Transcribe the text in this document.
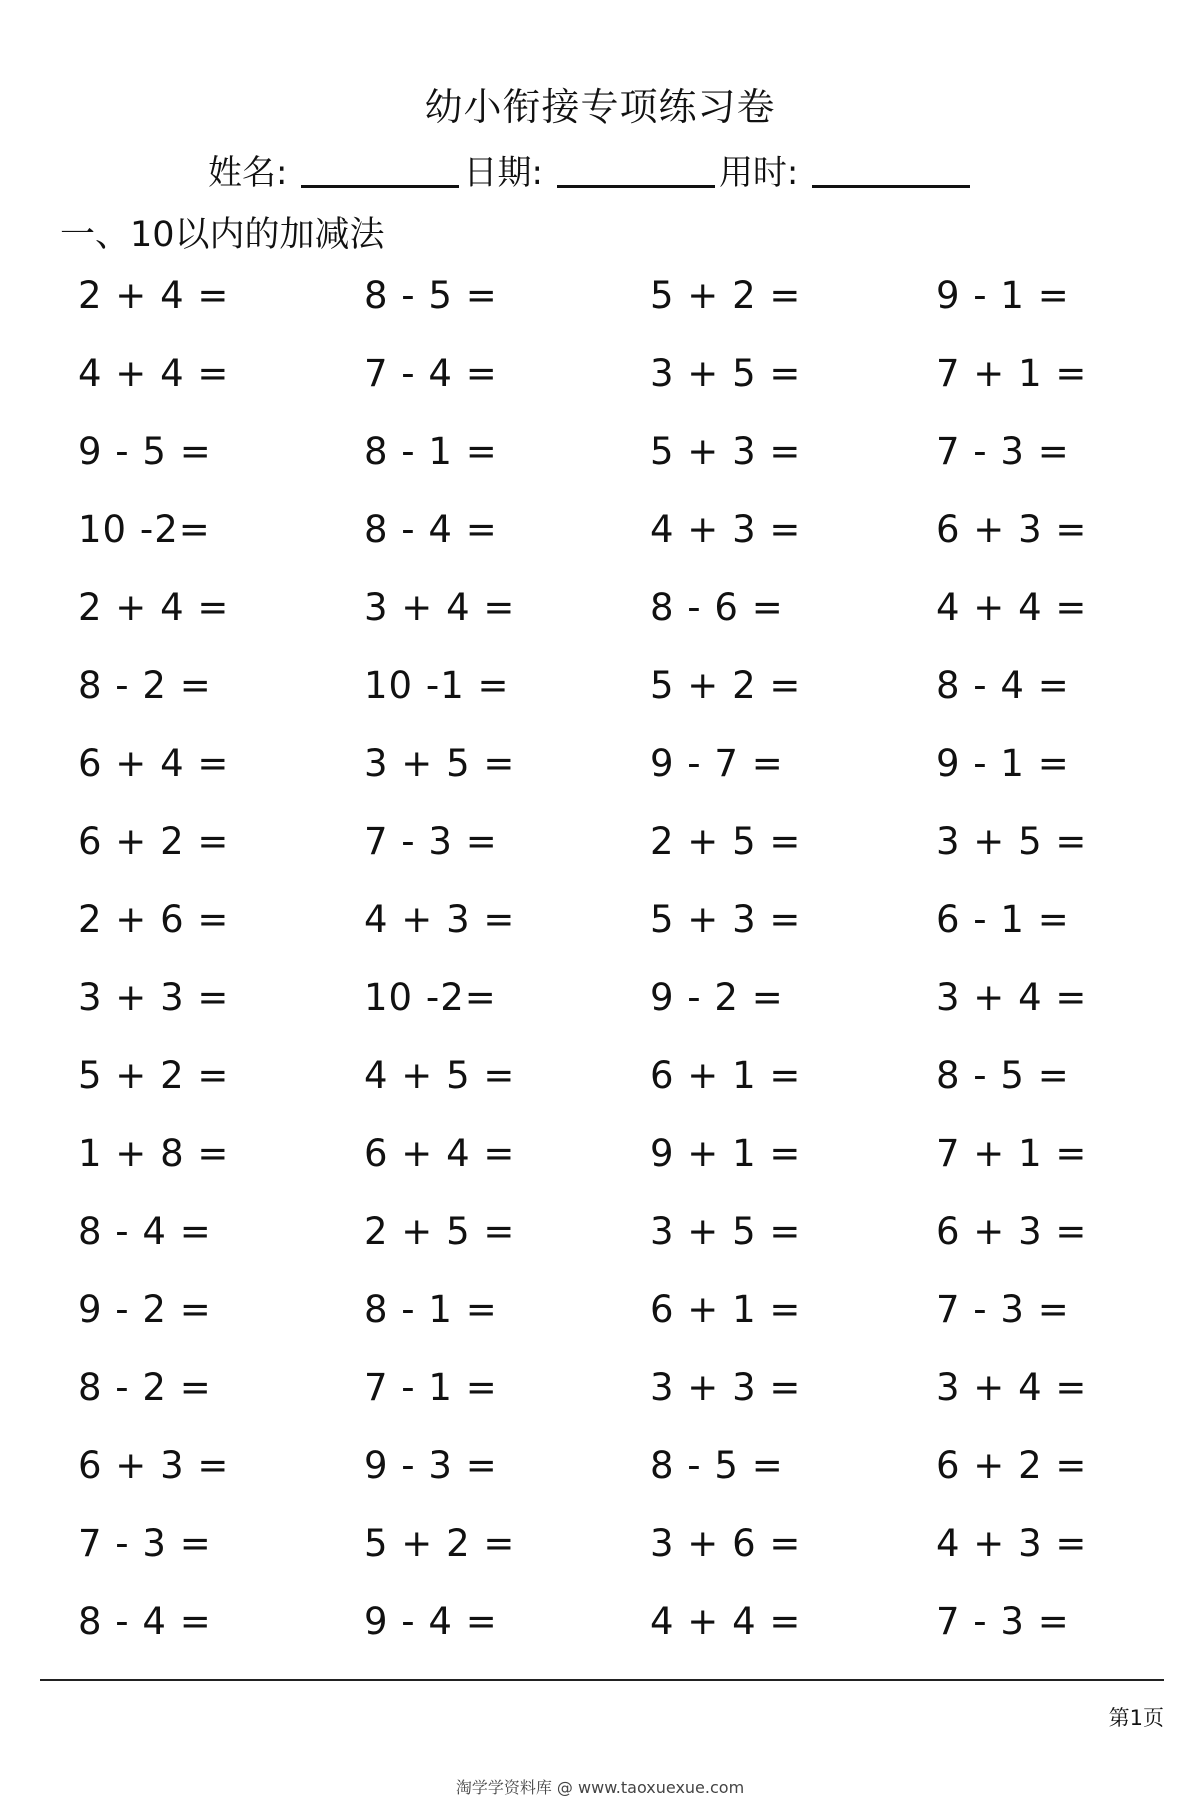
幼小衔接专项练习卷
姓名:	日期:	用时:
一、10以内的加减法
2 + 4 =	8 - 5 =	5 + 2 =	9 - 1 =
4 + 4 =	7 - 4 =	3 + 5 =	7 + 1 =
9 - 5 =	8 - 1 =	5 + 3 =	7 - 3 =
10 -2=	8 - 4 =	4 + 3 =	6 + 3 =
2 + 4 =	3 + 4 =	8 - 6 =	4 + 4 =
8 - 2 =	10 -1 =	5 + 2 =	8 - 4 =
6 + 4 =	3 + 5 =	9 - 7 =	9 - 1 =
6 + 2 =	7 - 3 =	2 + 5 =	3 + 5 =
2 + 6 =	4 + 3 =	5 + 3 =	6 - 1 =
3 + 3 =	10 -2=	9 - 2 =	3 + 4 =
5 + 2 =	4 + 5 =	6 + 1 =	8 - 5 =
1 + 8 =	6 + 4 =	9 + 1 =	7 + 1 =
8 - 4 =	2 + 5 =	3 + 5 =	6 + 3 =
9 - 2 =	8 - 1 =	6 + 1 =	7 - 3 =
8 - 2 =	7 - 1 =	3 + 3 =	3 + 4 =
6 + 3 =	9 - 3 =	8 - 5 =	6 + 2 =
7 - 3 =	5 + 2 =	3 + 6 =	4 + 3 =
8 - 4 =	9 - 4 =	4 + 4 =	7 - 3 =
第1页
淘学学资料库 @ www.taoxuexue.com
